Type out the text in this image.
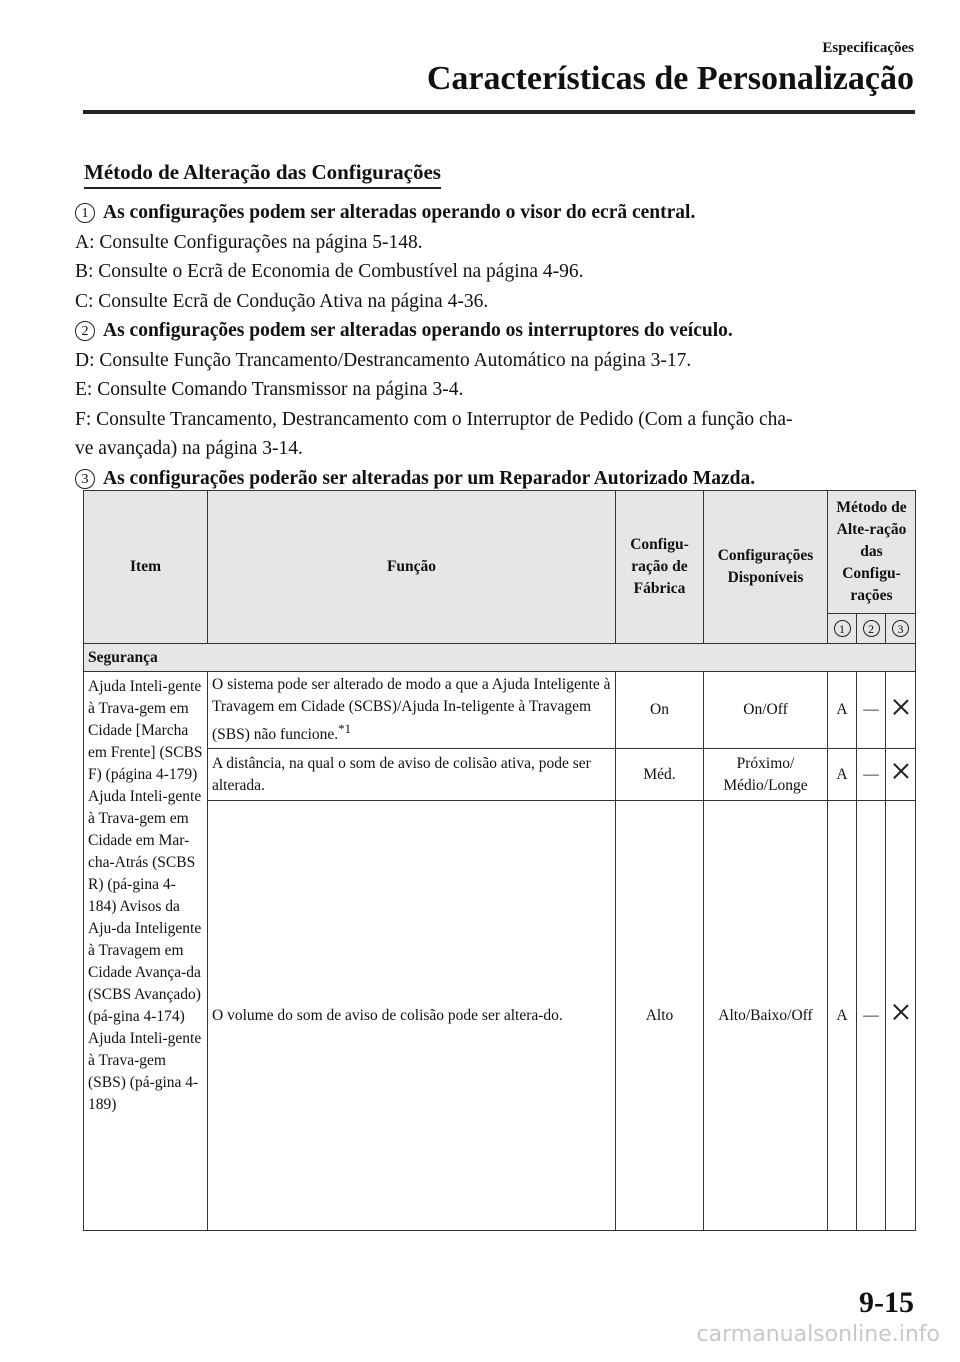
Especificações
Características de Personalização
Método de Alteração das Configurações

1 As configurações podem ser alteradas operando o visor do ecrã central.

A: Consulte Configurações na página 5-148.

B: Consulte o Ecrã de Economia de Combustível na página 4-96.

C: Consulte Ecrã de Condução Ativa na página 4-36.

2 As configurações podem ser alteradas operando os interruptores do veículo.

D: Consulte Função Trancamento/Destrancamento Automático na página 3-17.

E: Consulte Comando Transmissor na página 3-4.

F: Consulte Trancamento, Destrancamento com o Interruptor de Pedido (Com a função cha-

ve avançada) na página 3-14.

3 As configurações poderão ser alteradas por um Reparador Autorizado Mazda.

Item	Função	Configu-ração de Fábrica	Configurações Disponíveis	Método de Alte-ração das Configu-rações		
				1	2	3
Segurança						
Ajuda Inteli-gente à Trava-gem em Cidade [Marcha em Frente] (SCBS F) (página 4-179) Ajuda Inteli-gente à Trava-gem em Cidade em Mar-cha-Atrás (SCBS R) (pá-gina 4-184) Avisos da Aju-da Inteligente à Travagem em Cidade Avança-da (SCBS Avançado) (pá-gina 4-174) Ajuda Inteli-gente à Trava-gem (SBS) (pá-gina 4-189)	O sistema pode ser alterado de modo a que a Ajuda Inteligente à Travagem em Cidade (SCBS)/Ajuda In-teligente à Travagem (SBS) não funcione.$^{*1}$	On	On/Off	A	—	
	A distância, na qual o som de aviso de colisão ativa, pode ser alterada.	Méd.	Próximo/ Médio/Longe	A	—	
	O volume do som de aviso de colisão pode ser altera-do.	Alto	Alto/Baixo/Off	A	—	
9-15
carmanualsonline.info
